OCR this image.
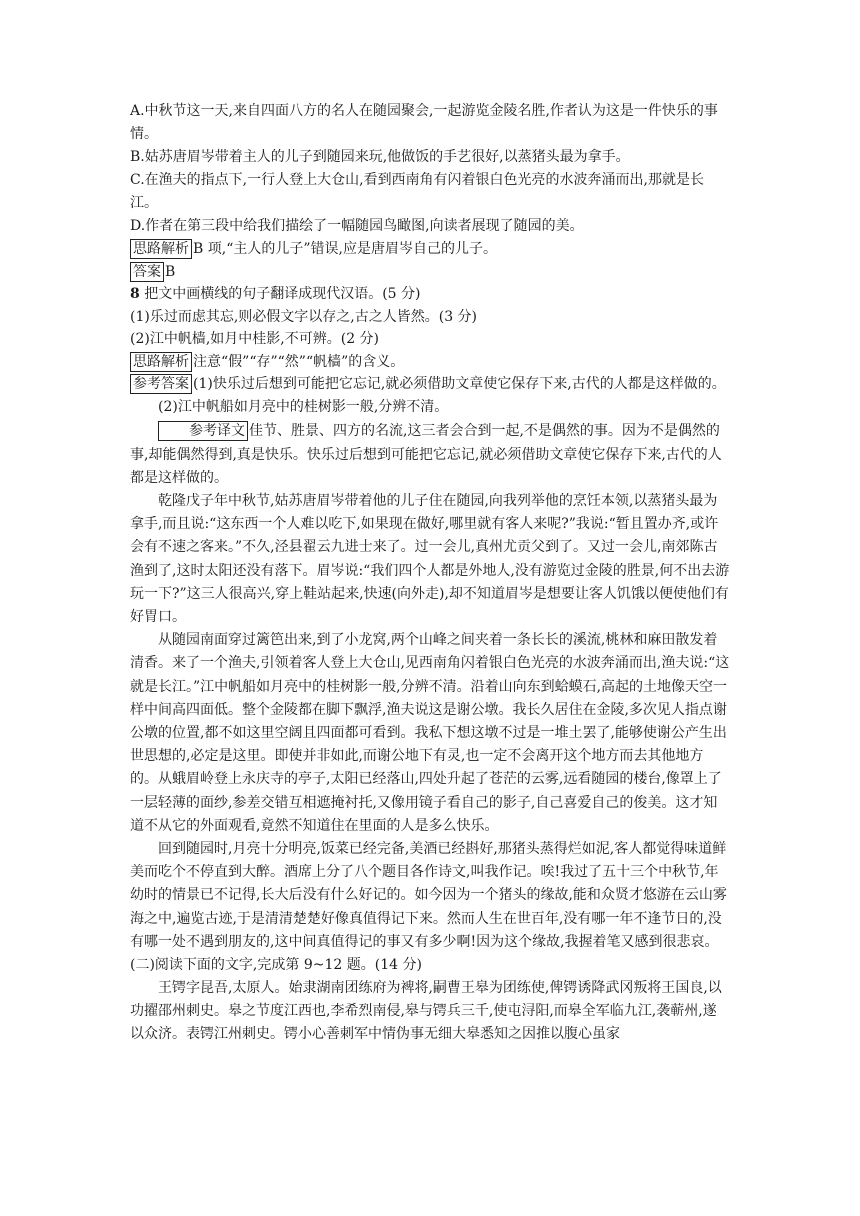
A.中秋节这一天,来自四面八方的名人在随园聚会,一起游览金陵名胜,作者认为这是一件快乐的事情。

B.姑苏唐眉岑带着主人的儿子到随园来玩,他做饭的手艺很好,以蒸猪头最为拿手。

C.在渔夫的指点下,一行人登上大仓山,看到西南角有闪着银白色光亮的水波奔涌而出,那就是长江。

D.作者在第三段中给我们描绘了一幅随园鸟瞰图,向读者展现了随园的美。

思路解析 B 项,“主人的儿子”错误,应是唐眉岑自己的儿子。
答案 B
8 把文中画横线的句子翻译成现代汉语。(5 分)
(1)乐过而虑其忘,则必假文字以存之,古之人皆然。(3 分)
(2)江中帆樯,如月中桂影,不可辨。(2 分)
思路解析 注意“假”“存”“然”“帆樯”的含义。

参考答案 (1)快乐过后想到可能把它忘记,就必须借助文章使它保存下来,古代的人都是这样做的。

(2)江中帆船如月亮中的桂树影一般,分辨不清。

参考译文 佳节、胜景、四方的名流,这三者会合到一起,不是偶然的事。因为不是偶然的事,却能偶然得到,真是快乐。快乐过后想到可能把它忘记,就必须借助文章使它保存下来,古代的人都是这样做的。

乾隆戊子年中秋节,姑苏唐眉岑带着他的儿子住在随园,向我列举他的烹饪本领,以蒸猪头最为拿手,而且说:“这东西一个人难以吃下,如果现在做好,哪里就有客人来呢?”我说:“暂且置办齐,或许会有不速之客来。”不久,泾县翟云九进士来了。过一会儿,真州尤贡父到了。又过一会儿,南郊陈古渔到了,这时太阳还没有落下。眉岑说:“我们四个人都是外地人,没有游览过金陵的胜景,何不出去游玩一下?”这三人很高兴,穿上鞋站起来,快速(向外走),却不知道眉岑是想要让客人饥饿以便使他们有好胃口。

从随园南面穿过篱笆出来,到了小龙窝,两个山峰之间夹着一条长长的溪流,桃林和麻田散发着清香。来了一个渔夫,引领着客人登上大仓山,见西南角闪着银白色光亮的水波奔涌而出,渔夫说:“这就是长江。”江中帆船如月亮中的桂树影一般,分辨不清。沿着山向东到蛤蟆石,高起的土地像天空一样中间高四面低。整个金陵都在脚下飘浮,渔夫说这是谢公墩。我长久居住在金陵,多次见人指点谢公墩的位置,都不如这里空阔且四面都可看到。我私下想这墩不过是一堆土罢了,能够使谢公产生出世思想的,必定是这里。即使并非如此,而谢公地下有灵,也一定不会离开这个地方而去其他地方的。从蛾眉岭登上永庆寺的亭子,太阳已经落山,四处升起了苍茫的云雾,远看随园的楼台,像罩上了一层轻薄的面纱,参差交错互相遮掩衬托,又像用镜子看自己的影子,自己喜爱自己的俊美。这才知道不从它的外面观看,竟然不知道住在里面的人是多么快乐。

回到随园时,月亮十分明亮,饭菜已经完备,美酒已经斟好,那猪头蒸得烂如泥,客人都觉得味道鲜美而吃个不停直到大醉。酒席上分了八个题目各作诗文,叫我作记。唉!我过了五十三个中秋节,年幼时的情景已不记得,长大后没有什么好记的。如今因为一个猪头的缘故,能和众贤才悠游在云山雾海之中,遍览古迹,于是清清楚楚好像真值得记下来。然而人生在世百年,没有哪一年不逢节日的,没有哪一处不遇到朋友的,这中间真值得记的事又有多少啊!因为这个缘故,我握着笔又感到很悲哀。

(二)阅读下面的文字,完成第 9~12 题。(14 分)

王锷字昆吾,太原人。始隶湖南团练府为裨将,嗣曹王皋为团练使,俾锷诱降武冈叛将王国良,以功擢邵州刺史。皋之节度江西也,李希烈南侵,皋与锷兵三千,使屯浔阳,而皋全军临九江,袭蕲州,遂以众济。表锷江州刺史。锷小心善刺军中情伪事无细大皋悉知之因推以腹心虽家
